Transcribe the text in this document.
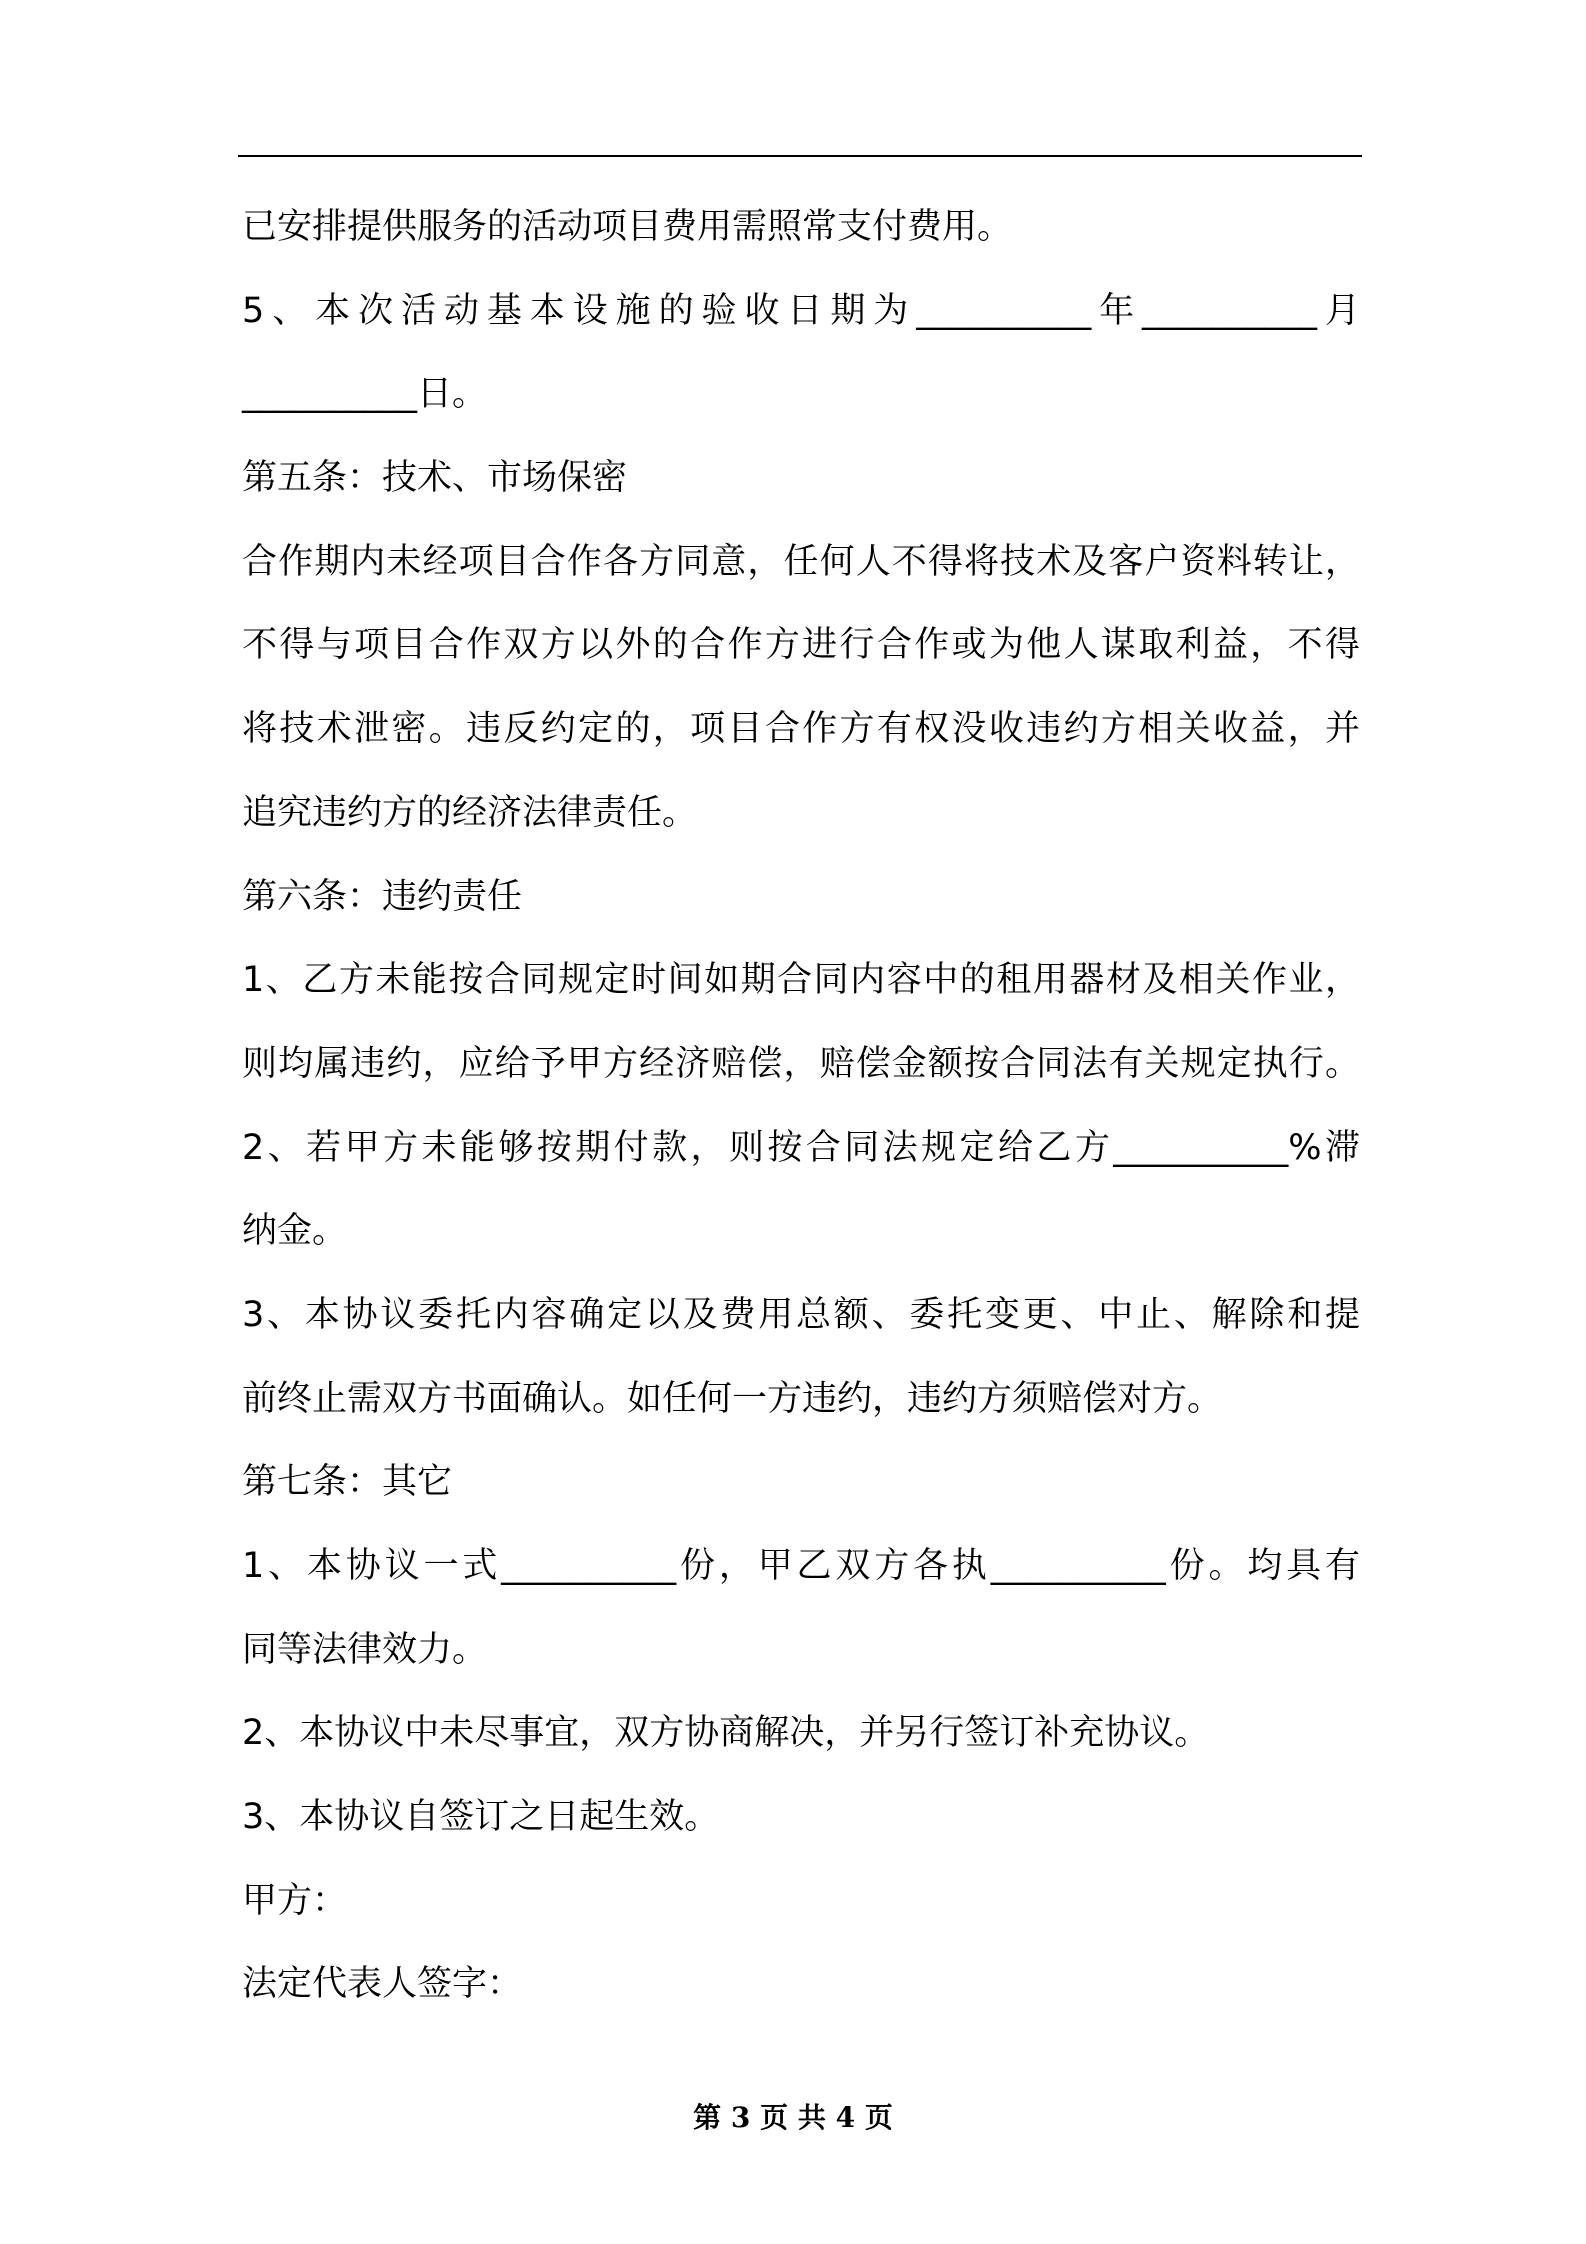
已安排提供服务的活动项目费用需照常支付费用。
5、本次活动基本设施的验收日期为__________年__________月
__________日。
第五条：技术、市场保密
合作期内未经项目合作各方同意，任何人不得将技术及客户资料转让，
不得与项目合作双方以外的合作方进行合作或为他人谋取利益，不得
将技术泄密。违反约定的，项目合作方有权没收违约方相关收益，并
追究违约方的经济法律责任。
第六条：违约责任
1、乙方未能按合同规定时间如期合同内容中的租用器材及相关作业，
则均属违约，应给予甲方经济赔偿，赔偿金额按合同法有关规定执行。
2、若甲方未能够按期付款，则按合同法规定给乙方__________%滞
纳金。
3、本协议委托内容确定以及费用总额、委托变更、中止、解除和提
前终止需双方书面确认。如任何一方违约，违约方须赔偿对方。
第七条：其它
1、本协议一式__________份，甲乙双方各执__________份。均具有
同等法律效力。
2、本协议中未尽事宜，双方协商解决，并另行签订补充协议。
3、本协议自签订之日起生效。
甲方：
法定代表人签字：
第 3 页 共 4 页
